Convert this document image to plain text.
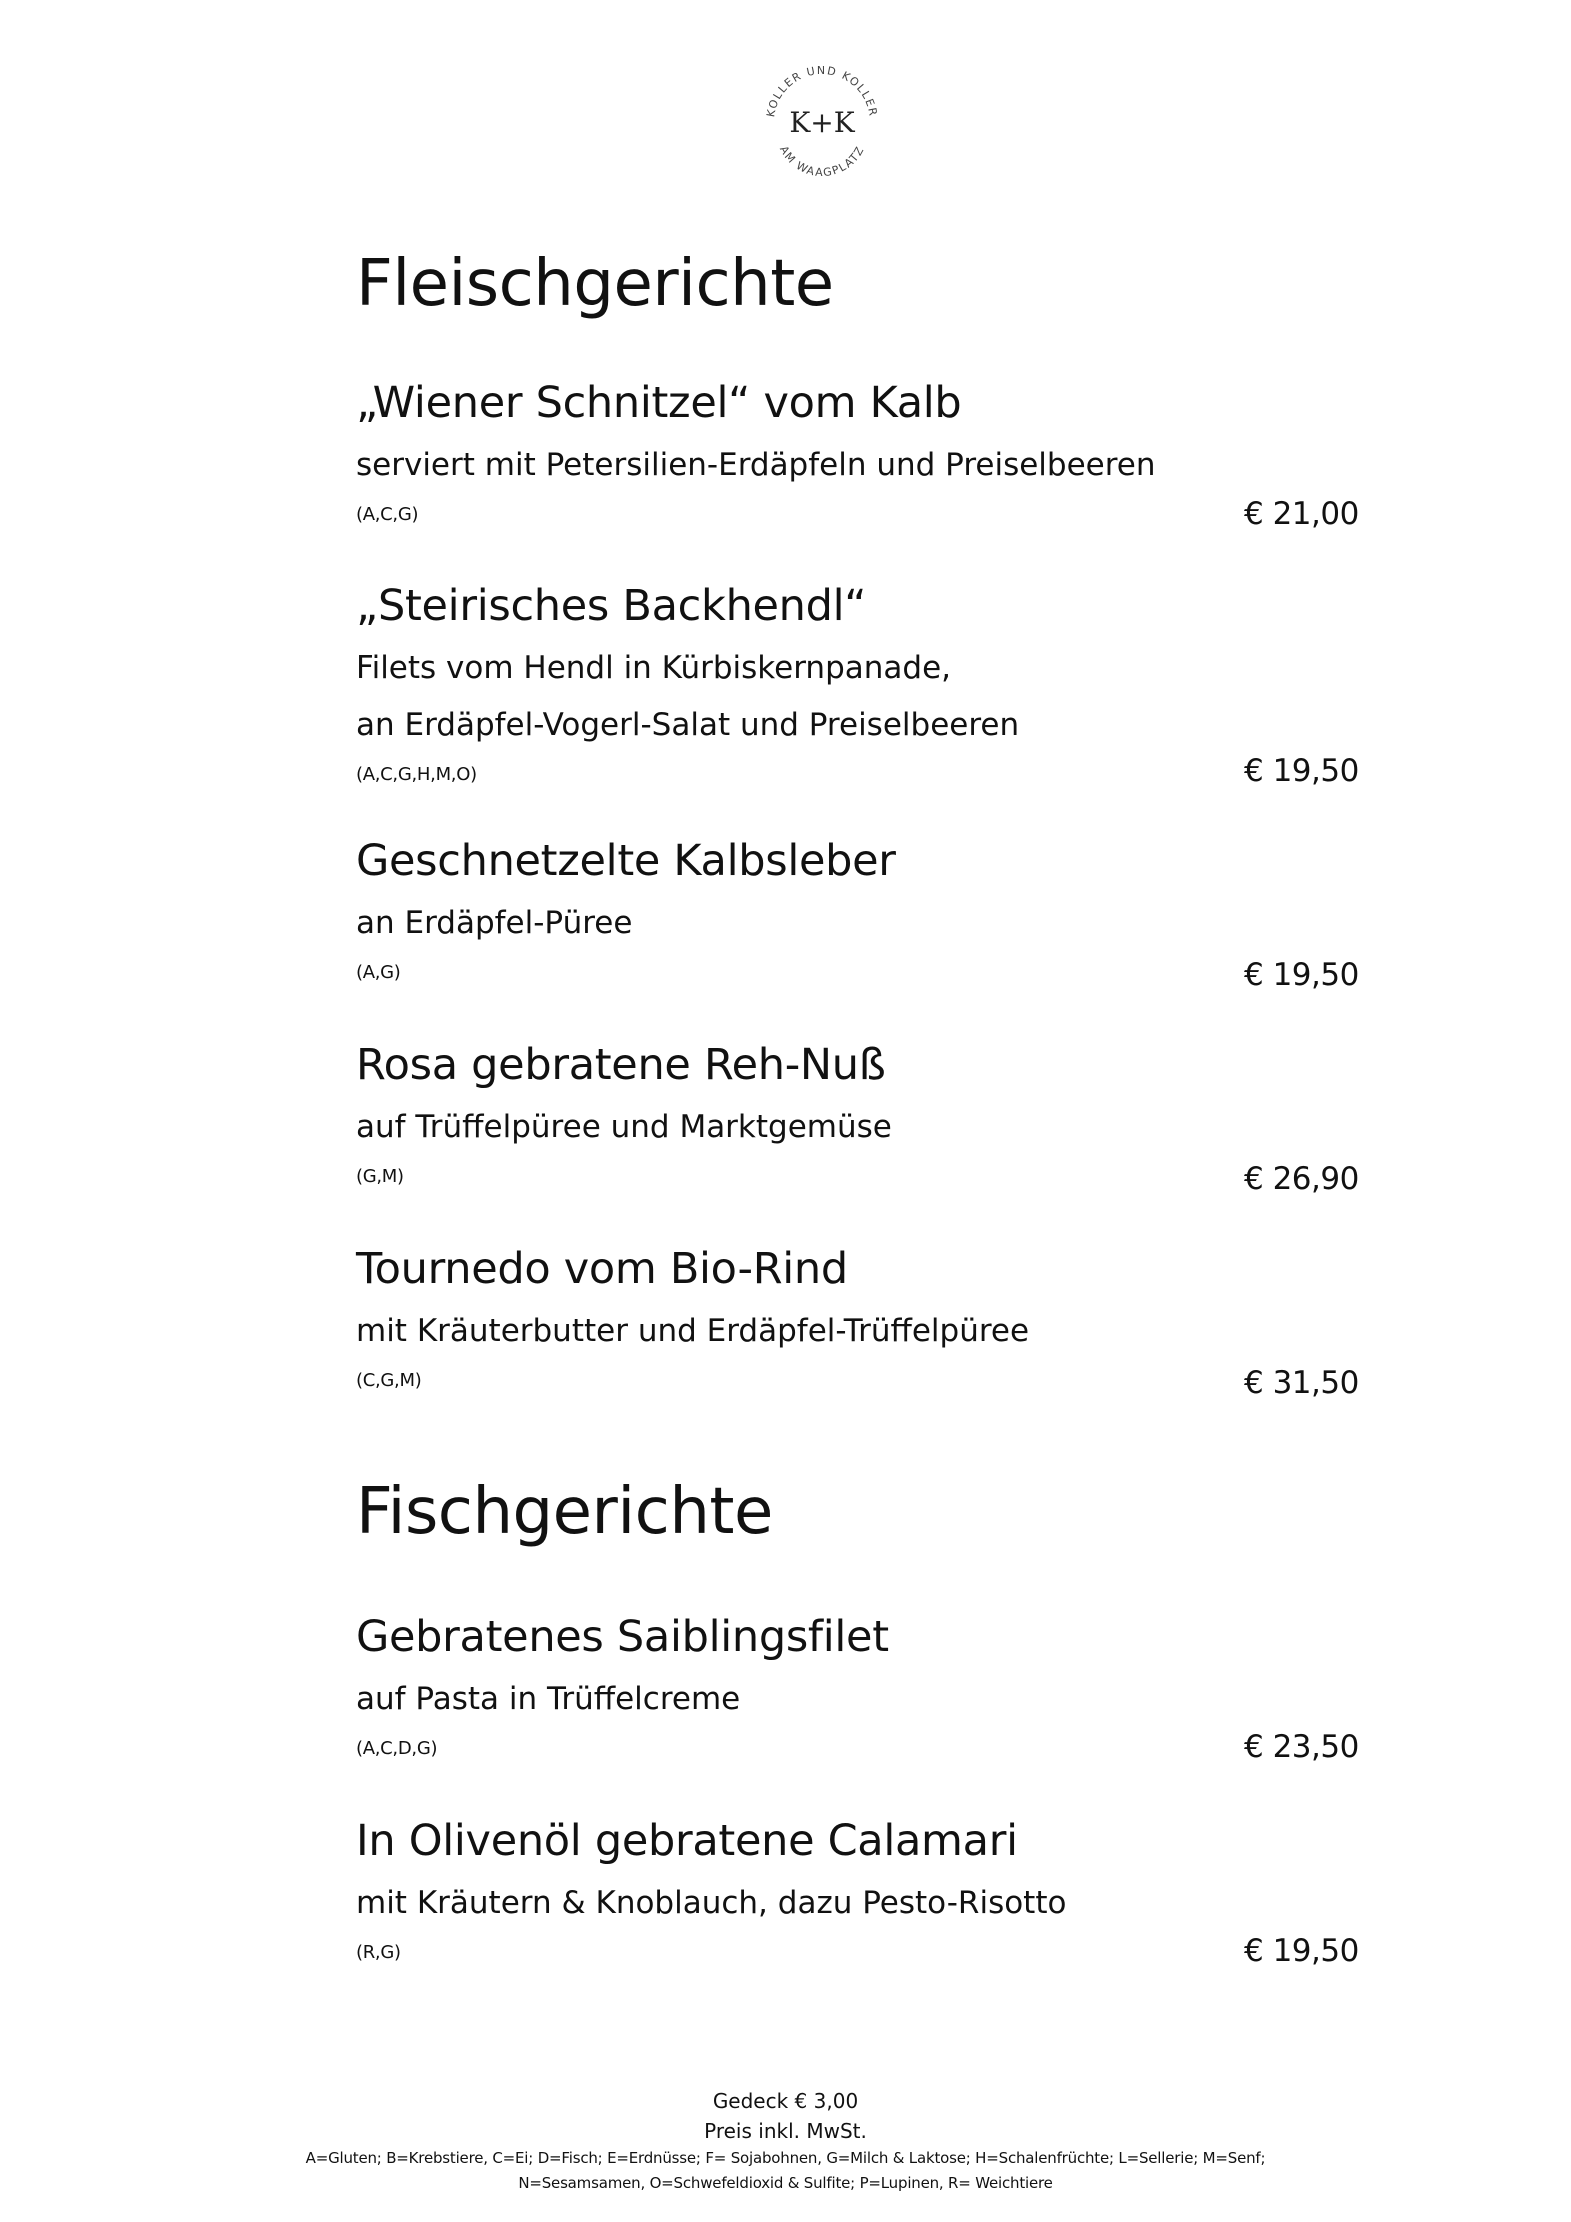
KOLLER UND KOLLER
K+K
AM WAAGPLATZ
Fleischgerichte
„Wiener Schnitzel“ vom Kalb
serviert mit Petersilien-Erdäpfeln und Preiselbeeren
(A,C,G)	€ 21,00
„Steirisches Backhendl“
Filets vom Hendl in Kürbiskernpanade,
an Erdäpfel-Vogerl-Salat und Preiselbeeren
(A,C,G,H,M,O)	€ 19,50
Geschnetzelte Kalbsleber
an Erdäpfel-Püree
(A,G)	€ 19,50
Rosa gebratene Reh-Nuß
auf Trüffelpüree und Marktgemüse
(G,M)	€ 26,90
Tournedo vom Bio-Rind
mit Kräuterbutter und Erdäpfel-Trüffelpüree
(C,G,M)	€ 31,50
Fischgerichte
Gebratenes Saiblingsfilet
auf Pasta in Trüffelcreme
(A,C,D,G)	€ 23,50
In Olivenöl gebratene Calamari
mit Kräutern & Knoblauch, dazu Pesto-Risotto
(R,G)	€ 19,50
Gedeck € 3,00
Preis inkl. MwSt.
A=Gluten; B=Krebstiere, C=Ei; D=Fisch; E=Erdnüsse; F= Sojabohnen, G=Milch & Laktose; H=Schalenfrüchte; L=Sellerie; M=Senf;
N=Sesamsamen, O=Schwefeldioxid & Sulfite; P=Lupinen, R= Weichtiere
